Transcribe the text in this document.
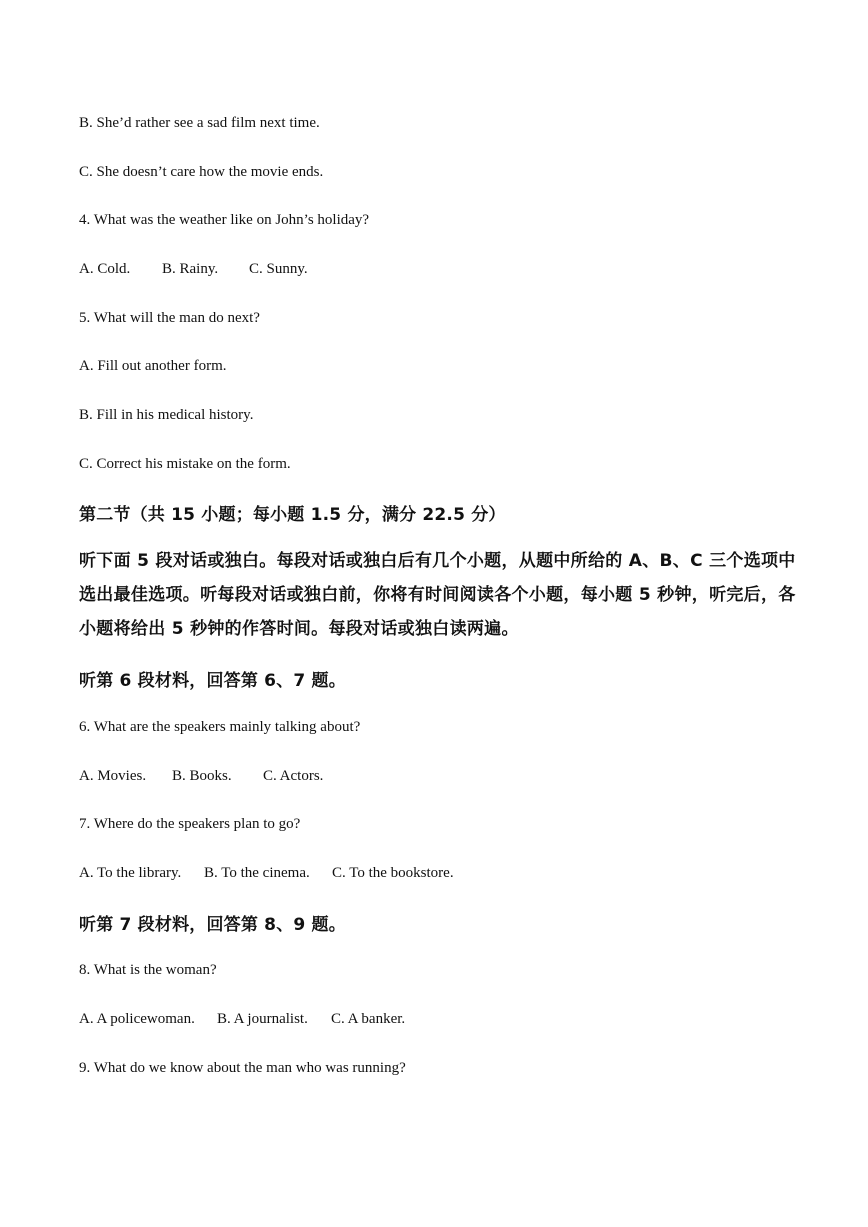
B. She’d rather see a sad film next time.
C. She doesn’t care how the movie ends.
4. What was the weather like on John’s holiday?
A. Cold. B. Rainy. C. Sunny.
5. What will the man do next?
A. Fill out another form.
B. Fill in his medical history.
C. Correct his mistake on the form.
第二节（共 15 小题；每小题 1.5 分，满分 22.5 分）
听下面 5 段对话或独白。每段对话或独白后有几个小题，从题中所给的 A、B、C 三个选项中选出最佳选项。听每段对话或独白前，你将有时间阅读各个小题，每小题 5 秒钟，听完后，各小题将给出 5 秒钟的作答时间。每段对话或独白读两遍。
听第 6 段材料，回答第 6、7 题。
6. What are the speakers mainly talking about?
A. Movies. B. Books. C. Actors.
7. Where do the speakers plan to go?
A. To the library. B. To the cinema. C. To the bookstore.
听第 7 段材料，回答第 8、9 题。
8. What is the woman?
A. A policewoman. B. A journalist. C. A banker.
9. What do we know about the man who was running?
